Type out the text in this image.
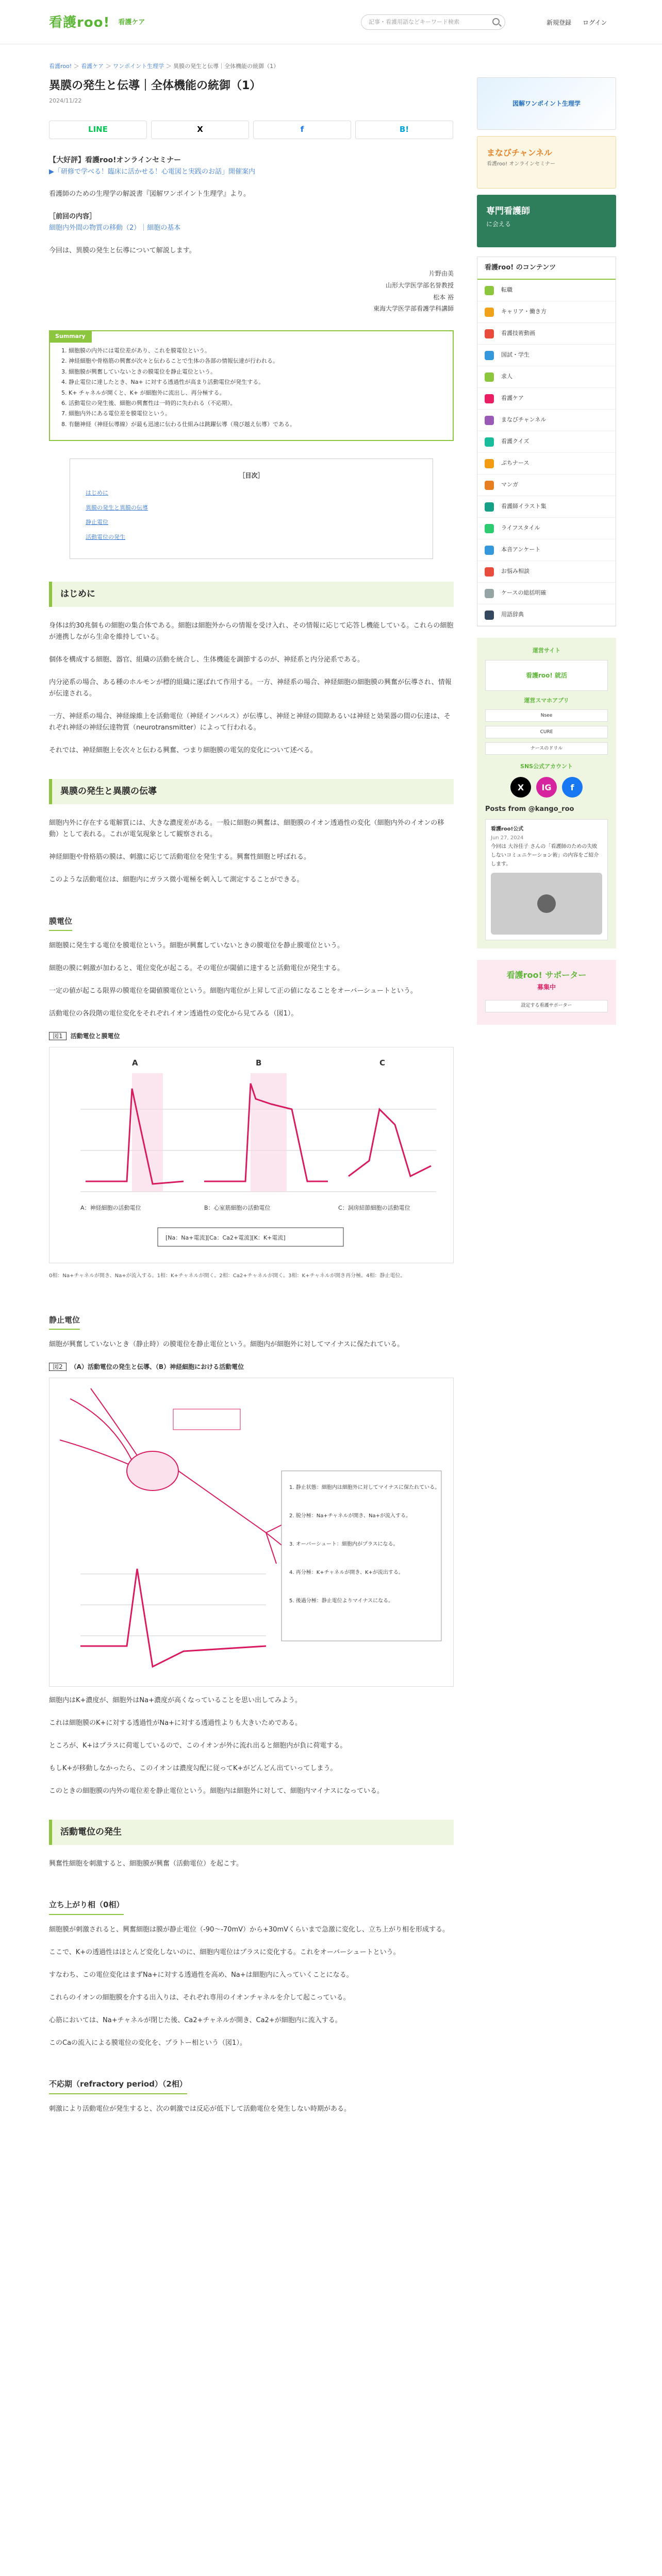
看護roo! 看護ケア	記事・看護用語などキーワード検索	新規登録 ログイン
看護roo! ＞ 看護ケア ＞ ワンポイント生理学 ＞ 異膜の発生と伝導｜全体機能の統御（1）
異膜の発生と伝導｜全体機能の統御（1）
2024/11/22
LINE	X	f	B!
【大好評】看護roo!オンラインセミナー
▶「研修で学べる！臨床に活かせる！心電図と実践のお話」開催案内

看護師のための生理学の解説書『図解ワンポイント生理学』より。

［前回の内容］

細胞内外間の物質の移動（2）｜細胞の基本

今回は、異膜の発生と伝導について解説します。

片野由美
山形大学医学部名誉教授
松本 裕
東海大学医学部看護学科講師
Summary
1. 細胞膜の内外には電位差があり、これを膜電位という。
2. 神経細胞や骨格筋の興奮が次々と伝わることで生体の各部の情報伝達が行われる。
3. 細胞膜が興奮していないときの膜電位を静止電位という。
4. 静止電位に達したとき、Na+ に対する透過性が高まり活動電位が発生する。
5. K+ チャネルが開くと、K+ が細胞外に流出し、再分極する。
6. 活動電位の発生後、細胞の興奮性は一時的に失われる（不応期）。
7. 細胞内外にある電位差を膜電位という。
8. 有髄神経（神経伝導線）が最も迅速に伝わる仕組みは跳躍伝導（飛び越え伝導）である。
［目次］
はじめに
異膜の発生と異膜の伝導
静止電位
活動電位の発生
はじめに

身体は約30兆個もの細胞の集合体である。細胞は細胞外からの情報を受け入れ、その情報に応じて応答し機能している。これらの細胞が連携しながら生命を維持している。

個体を構成する細胞、器官、組織の活動を統合し、生体機能を調節するのが、神経系と内分泌系である。

内分泌系の場合、ある種のホルモンが標的組織に運ばれて作用する。一方、神経系の場合、神経細胞の細胞膜の興奮が伝導され、情報が伝達される。

一方、神経系の場合、神経線維上を活動電位（神経インパルス）が伝導し、神経と神経の間隙あるいは神経と効果器の間の伝達は、それぞれ神経の神経伝達物質（neurotransmitter）によって行われる。

それでは、神経細胞上を次々と伝わる興奮、つまり細胞膜の電気的変化について述べる。

異膜の発生と異膜の伝導

細胞内外に存在する電解質には、大きな濃度差がある。一般に細胞の興奮は、細胞膜のイオン透過性の変化（細胞内外のイオンの移動）として表れる。これが電気現象として観察される。

神経細胞や骨格筋の膜は、刺激に応じて活動電位を発生する。興奮性細胞と呼ばれる。

このような活動電位は、細胞内にガラス微小電極を刺入して測定することができる。

膜電位

細胞膜に発生する電位を膜電位という。細胞が興奮していないときの膜電位を静止膜電位という。

細胞の膜に刺激が加わると、電位変化が起こる。その電位が閾値に達すると活動電位が発生する。

一定の値が起こる限界の膜電位を閾値膜電位という。細胞内電位が上昇して正の値になることをオーバーシュートという。

活動電位の各段階の電位変化をそれぞれイオン透過性の変化から見てみる（図1）。

図1 活動電位と膜電位
A	B	C
A：神経細胞の活動電位	B：心室筋細胞の活動電位	C：洞房結節細胞の活動電位
[Na：Na+電流][Ca：Ca2+電流][K：K+電流]
0相：Na+チャネルが開き、Na+が流入する。1相：K+チャネルが開く。2相：Ca2+チャネルが開く。3相：K+チャネルが開き再分極。4相：静止電位。
静止電位

細胞が興奮していないとき（静止時）の膜電位を静止電位という。細胞内が細胞外に対してマイナスに保たれている。

図2 （A）活動電位の発生と伝導、（B）神経細胞における活動電位
1. 静止状態：細胞内は細胞外に対してマイナスに保たれている。
2. 脱分極：Na+チャネルが開き、Na+が流入する。
3. オーバーシュート：細胞内がプラスになる。
4. 再分極：K+チャネルが開き、K+が流出する。
5. 後過分極：静止電位よりマイナスになる。

細胞内はK+濃度が、細胞外はNa+濃度が高くなっていることを思い出してみよう。

これは細胞膜のK+に対する透過性がNa+に対する透過性よりも大きいためである。

ところが、K+はプラスに荷電しているので、このイオンが外に流れ出ると細胞内が負に荷電する。

もしK+が移動しなかったら、このイオンは濃度勾配に従ってK+がどんどん出ていってしまう。

このときの細胞膜の内外の電位差を静止電位という。細胞内は細胞外に対して、細胞内マイナスになっている。

活動電位の発生

興奮性細胞を刺激すると、細胞膜が興奮（活動電位）を起こす。

立ち上がり相（0相）

細胞膜が刺激されると、興奮細胞は膜が静止電位（-90〜-70mV）から+30mVくらいまで急激に変化し、立ち上がり相を形成する。

ここで、K+の透過性はほとんど変化しないのに、細胞内電位はプラスに変化する。これをオーバーシュートという。

すなわち、この電位変化はまずNa+に対する透過性を高め、Na+は細胞内に入っていくことになる。

これらのイオンの細胞膜を介する出入りは、それぞれ専用のイオンチャネルを介して起こっている。

心筋においては、Na+チャネルが閉じた後、Ca2+チャネルが開き、Ca2+が細胞内に流入する。

このCaの流入による膜電位の変化を、プラトー相という（図1）。

不応期（refractory period）（2相）

刺激により活動電位が発生すると、次の刺激では反応が低下して活動電位を発生しない時期がある。

図解ワンポイント生理学
まなびチャンネル
看護roo! オンラインセミナー
専門看護師
に会える
看護roo! のコンテンツ
転職
キャリア・働き方
看護技術動画
国試・学生
求人
看護ケア
まなびチャンネル
看護クイズ
ぷちナース
マンガ
看護師イラスト集
ライフスタイル
本音アンケート
お悩み相談
ケースの総括明確
用語辞典
運営サイト
看護roo! 就活
運営スマホアプリ
Nsee
CURE
ナースのドリル
SNS公式アカウント
X	IG	f
Posts from @kango_roo
看護roo!公式
Jun 27, 2024
今回は 大谷佳子 さんの「看護師のための失敗しないコミュニケーション術」の内容をご紹介します。
看護roo! サポーター
募集中
設定する看護サポーター
